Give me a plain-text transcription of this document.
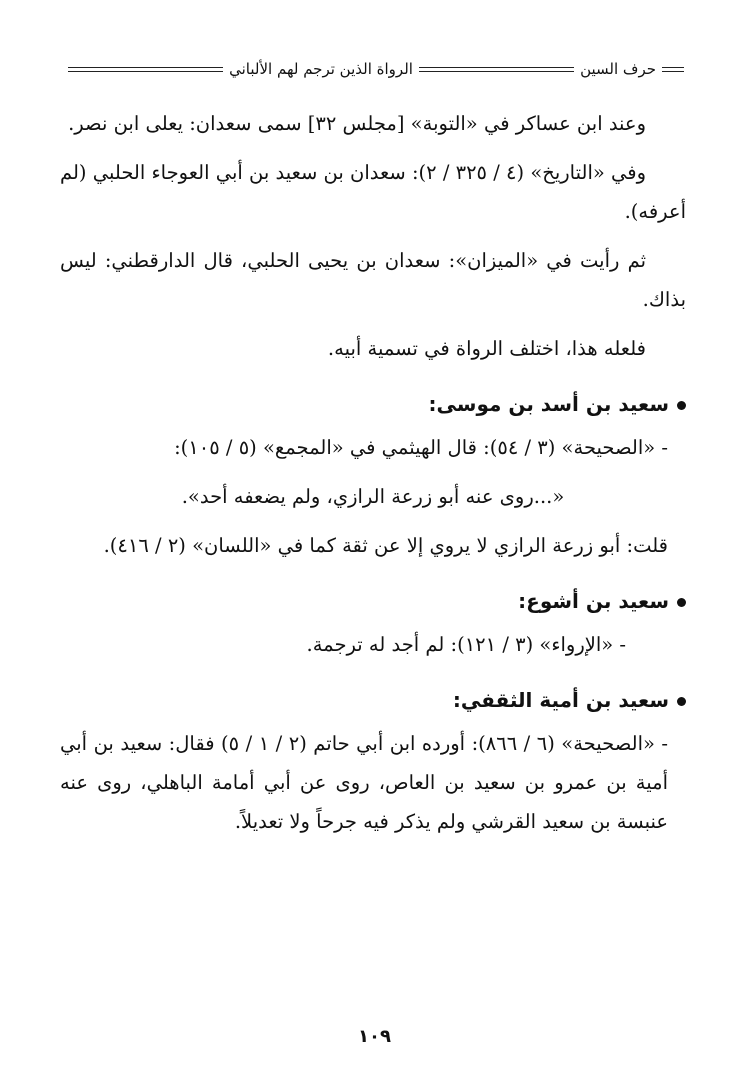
حرف السين
الرواة الذين ترجم لهم الألباني

وعند ابن عساكر في «التوبة» [مجلس ٣٢] سمى سعدان: يعلى ابن نصر.

وفي «التاريخ» (٤ / ٣٢٥ / ٢): سعدان بن سعيد بن أبي العوجاء الحلبي (لم أعرفه).

ثم رأيت في «الميزان»: سعدان بن يحيى الحلبي، قال الدارقطني: ليس بذاك.

فلعله هذا، اختلف الرواة في تسمية أبيه.

سعيد بن أسد بن موسى:

- «الصحيحة» (٣ / ٥٤): قال الهيثمي في «المجمع» (٥ / ١٠٥):

«...روى عنه أبو زرعة الرازي، ولم يضعفه أحد».

قلت: أبو زرعة الرازي لا يروي إلا عن ثقة كما في «اللسان» (٢ / ٤١٦).

سعيد بن أشوع:

- «الإرواء» (٣ / ١٢١): لم أجد له ترجمة.

سعيد بن أمية الثقفي:

- «الصحيحة» (٦ / ٨٦٦): أورده ابن أبي حاتم (٢ / ١ / ٥) فقال: سعيد بن أبي أمية بن عمرو بن سعيد بن العاص، روى عن أبي أمامة الباهلي، روى عنه عنبسة بن سعيد القرشي ولم يذكر فيه جرحاً ولا تعديلاً.

١٠٩
